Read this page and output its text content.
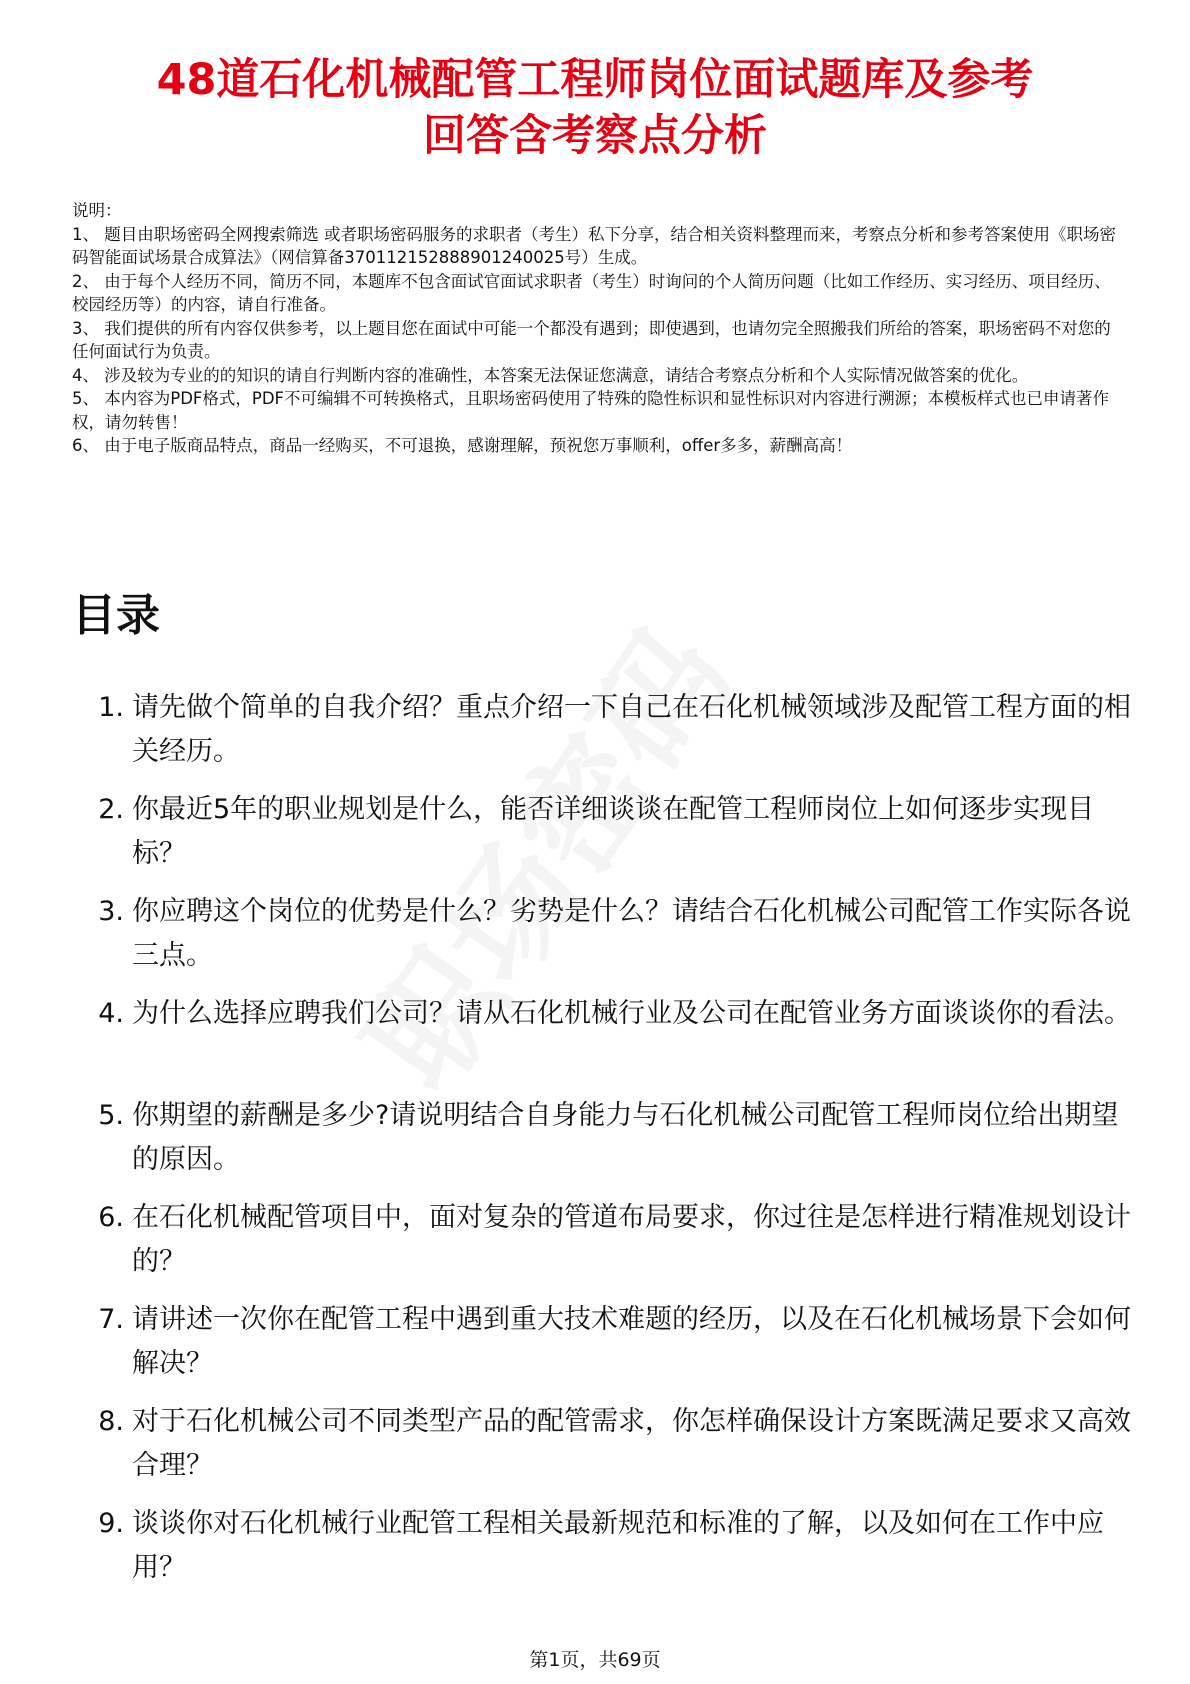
48道石化机械配管工程师岗位面试题库及参考
回答含考察点分析

说明：

1、 题目由职场密码全网搜索筛选 或者职场密码服务的求职者（考生）私下分享，结合相关资料整理而来，考察点分析和参考答案使用《职场密码智能面试场景合成算法》（网信算备370112152888901240025号）生成。

2、 由于每个人经历不同，简历不同，本题库不包含面试官面试求职者（考生）时询问的个人简历问题（比如工作经历、实习经历、项目经历、校园经历等）的内容，请自行准备。

3、 我们提供的所有内容仅供参考，以上题目您在面试中可能一个都没有遇到；即使遇到，也请勿完全照搬我们所给的答案，职场密码不对您的任何面试行为负责。

4、 涉及较为专业的的知识的请自行判断内容的准确性，本答案无法保证您满意，请结合考察点分析和个人实际情况做答案的优化。

5、 本内容为PDF格式，PDF不可编辑不可转换格式，且职场密码使用了特殊的隐性标识和显性标识对内容进行溯源；本模板样式也已申请著作权，请勿转售！

6、 由于电子版商品特点，商品一经购买，不可退换，感谢理解，预祝您万事顺利，offer多多，薪酬高高！

目录
1. 请先做个简单的自我介绍？重点介绍一下自己在石化机械领域涉及配管工程方面的相关经历。
2. 你最近5年的职业规划是什么，能否详细谈谈在配管工程师岗位上如何逐步实现目标？
3. 你应聘这个岗位的优势是什么？劣势是什么？请结合石化机械公司配管工作实际各说三点。
4. 为什么选择应聘我们公司？请从石化机械行业及公司在配管业务方面谈谈你的看法。
5. 你期望的薪酬是多少?请说明结合自身能力与石化机械公司配管工程师岗位给出期望的原因。
6. 在石化机械配管项目中，面对复杂的管道布局要求，你过往是怎样进行精准规划设计的？
7. 请讲述一次你在配管工程中遇到重大技术难题的经历，以及在石化机械场景下会如何解决？
8. 对于石化机械公司不同类型产品的配管需求，你怎样确保设计方案既满足要求又高效合理？
9. 谈谈你对石化机械行业配管工程相关最新规范和标准的了解，以及如何在工作中应用？
第1页，共69页
